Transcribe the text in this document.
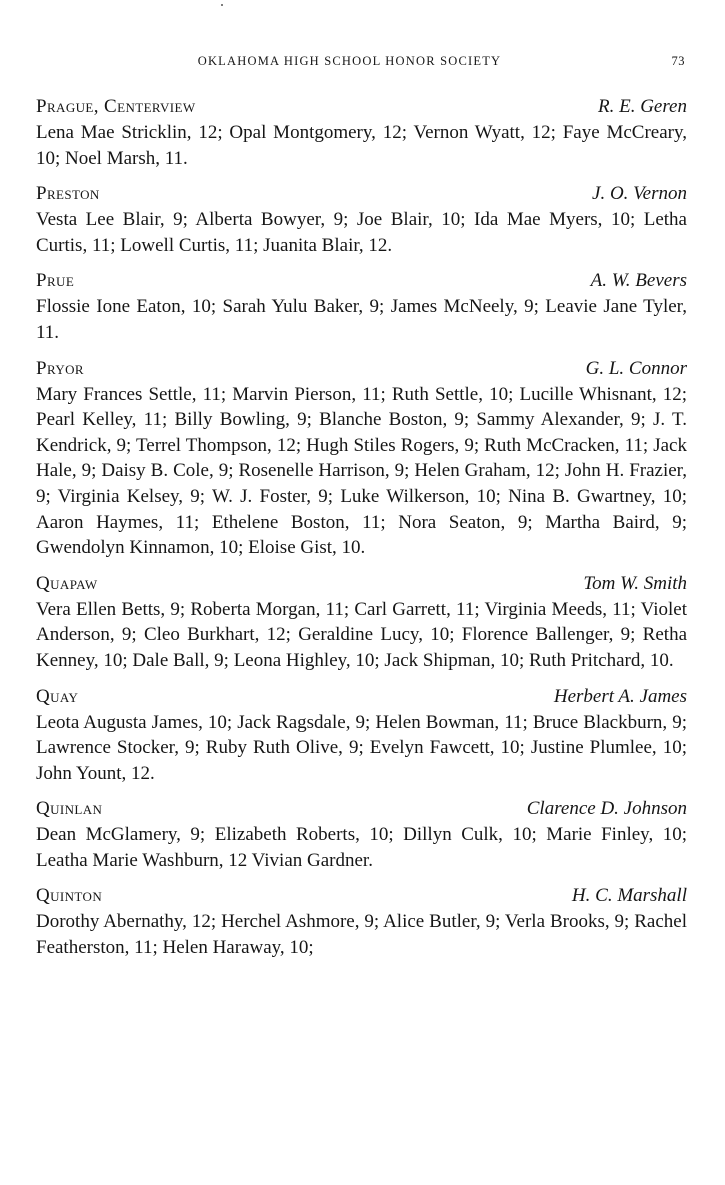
OKLAHOMA HIGH SCHOOL HONOR SOCIETY	73
Prague, Centerview	R. E. Geren

Lena Mae Stricklin, 12; Opal Montgomery, 12; Vernon Wyatt, 12; Faye McCreary, 10; Noel Marsh, 11.

Preston	J. O. Vernon

Vesta Lee Blair, 9; Alberta Bowyer, 9; Joe Blair, 10; Ida Mae Myers, 10; Letha Curtis, 11; Lowell Curtis, 11; Juanita Blair, 12.

Prue	A. W. Bevers

Flossie Ione Eaton, 10; Sarah Yulu Baker, 9; James McNeely, 9; Leavie Jane Tyler, 11.

Pryor	G. L. Connor

Mary Frances Settle, 11; Marvin Pierson, 11; Ruth Settle, 10; Lucille Whisnant, 12; Pearl Kelley, 11; Billy Bowling, 9; Blanche Boston, 9; Sammy Alexander, 9; J. T. Kendrick, 9; Terrel Thompson, 12; Hugh Stiles Rogers, 9; Ruth McCracken, 11; Jack Hale, 9; Daisy B. Cole, 9; Rosenelle Harrison, 9; Helen Graham, 12; John H. Frazier, 9; Virginia Kelsey, 9; W. J. Foster, 9; Luke Wilkerson, 10; Nina B. Gwartney, 10; Aaron Haymes, 11; Ethelene Boston, 11; Nora Seaton, 9; Martha Baird, 9; Gwendolyn Kinnamon, 10; Eloise Gist, 10.

Quapaw	Tom W. Smith

Vera Ellen Betts, 9; Roberta Morgan, 11; Carl Garrett, 11; Virginia Meeds, 11; Violet Anderson, 9; Cleo Burkhart, 12; Geraldine Lucy, 10; Florence Ballenger, 9; Retha Kenney, 10; Dale Ball, 9; Leona Highley, 10; Jack Shipman, 10; Ruth Pritchard, 10.

Quay	Herbert A. James

Leota Augusta James, 10; Jack Ragsdale, 9; Helen Bowman, 11; Bruce Blackburn, 9; Lawrence Stocker, 9; Ruby Ruth Olive, 9; Evelyn Fawcett, 10; Justine Plumlee, 10; John Yount, 12.

Quinlan	Clarence D. Johnson

Dean McGlamery, 9; Elizabeth Roberts, 10; Dillyn Culk, 10; Marie Finley, 10; Leatha Marie Washburn, 12 Vivian Gardner.

Quinton	H. C. Marshall

Dorothy Abernathy, 12; Herchel Ashmore, 9; Alice Butler, 9; Verla Brooks, 9; Rachel Featherston, 11; Helen Haraway, 10;
